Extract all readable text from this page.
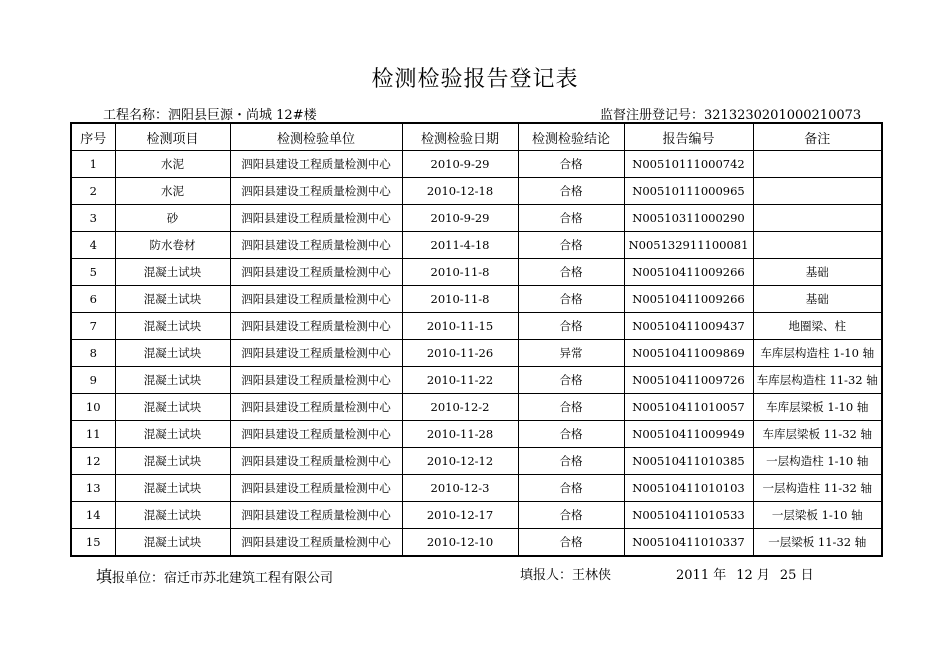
检测检验报告登记表
工程名称：泗阳县巨源・尚城 12#楼	监督注册登记号：3213230201000210073
序号	检测项目	检测检验单位	检测检验日期	检测检验结论	报告编号	备注
1	水泥	泗阳县建设工程质量检测中心	2010-9-29	合格	N00510111000742	
2	水泥	泗阳县建设工程质量检测中心	2010-12-18	合格	N00510111000965	
3	砂	泗阳县建设工程质量检测中心	2010-9-29	合格	N00510311000290	
4	防水卷材	泗阳县建设工程质量检测中心	2011-4-18	合格	N005132911100081	
5	混凝土试块	泗阳县建设工程质量检测中心	2010-11-8	合格	N00510411009266	基础
6	混凝土试块	泗阳县建设工程质量检测中心	2010-11-8	合格	N00510411009266	基础
7	混凝土试块	泗阳县建设工程质量检测中心	2010-11-15	合格	N00510411009437	地圈梁、柱
8	混凝土试块	泗阳县建设工程质量检测中心	2010-11-26	异常	N00510411009869	车库层构造柱 1-10 轴
9	混凝土试块	泗阳县建设工程质量检测中心	2010-11-22	合格	N00510411009726	车库层构造柱 11-32 轴
10	混凝土试块	泗阳县建设工程质量检测中心	2010-12-2	合格	N00510411010057	车库层梁板 1-10 轴
11	混凝土试块	泗阳县建设工程质量检测中心	2010-11-28	合格	N00510411009949	车库层梁板 11-32 轴
12	混凝土试块	泗阳县建设工程质量检测中心	2010-12-12	合格	N00510411010385	一层构造柱 1-10 轴
13	混凝土试块	泗阳县建设工程质量检测中心	2010-12-3	合格	N00510411010103	一层构造柱 11-32 轴
14	混凝土试块	泗阳县建设工程质量检测中心	2010-12-17	合格	N00510411010533	一层梁板 1-10 轴
15	混凝土试块	泗阳县建设工程质量检测中心	2010-12-10	合格	N00510411010337	一层梁板 11-32 轴
填报单位：宿迁市苏北建筑工程有限公司	填报人：王林侠	2011 年 12 月 25 日
